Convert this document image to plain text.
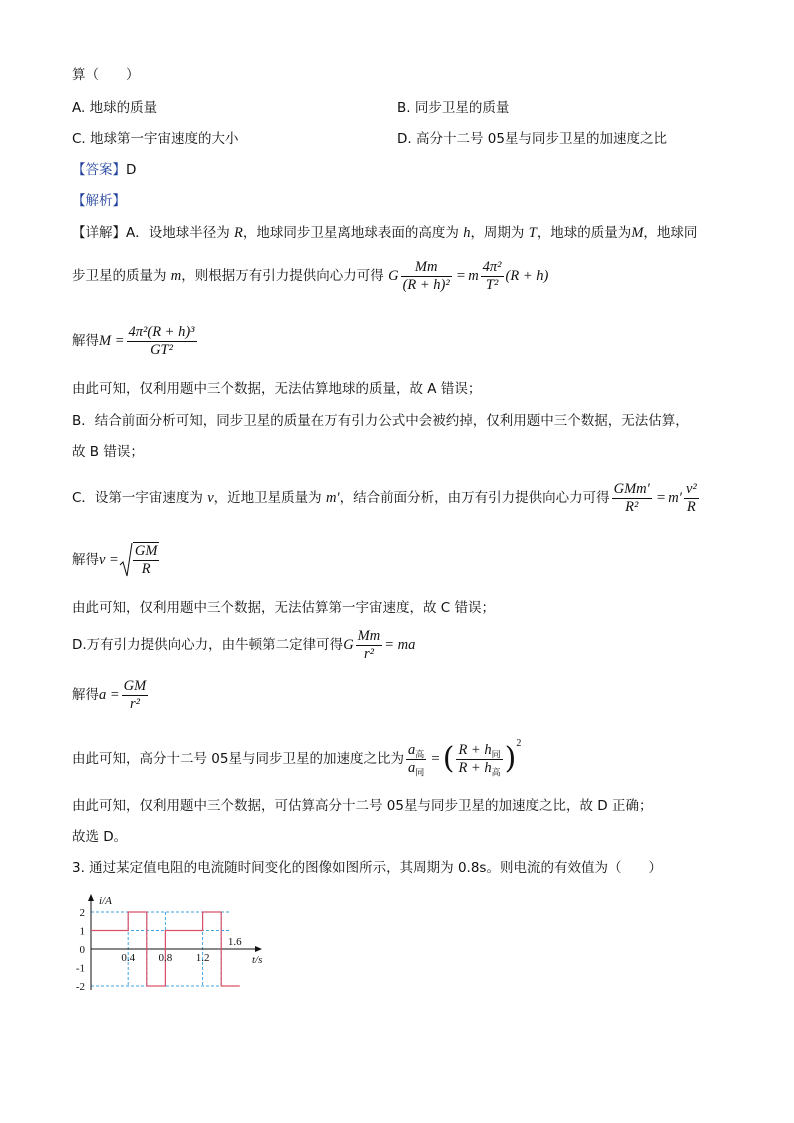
算（　　）
A. 地球的质量	B. 同步卫星的质量
C. 地球第一宇宙速度的大小	D. 高分十二号 05星与同步卫星的加速度之比
【答案】D
【解析】
【详解】A．设地球半径为 R，地球同步卫星离地球表面的高度为 h，周期为 T，地球的质量为M，地球同
步卫星的质量为 m，则根据万有引力提供向心力可得 G $\frac{Mm}{\text{(R + h)²}} = m \frac{\text{4π²}}{\text{T²}} (R + h)$
解得$M = \frac{\text{4π²(R + h)³}}{\text{GT²}}$
由此可知，仅利用题中三个数据，无法估算地球的质量，故 A 错误；
B．结合前面分析可知，同步卫星的质量在万有引力公式中会被约掉，仅利用题中三个数据，无法估算，
故 B 错误；
C．设第一宇宙速度为 v，近地卫星质量为 m′，结合前面分析，由万有引力提供向心力可得 $\frac{\text{GMm′}}{\text{R²}} = m' \frac{\text{v²}}{R}$
解得$v = \frac{GM}{R}$
由此可知，仅利用题中三个数据，无法估算第一宇宙速度，故 C 错误；
D.万有引力提供向心力，由牛顿第二定律可得G $\frac{Mm}{\text{r²}}$ = ma
解得$a = \frac{GM}{\text{r²}}$
由此可知，高分十二号 05星与同步卫星的加速度之比为 $\frac{a_高}{a_同}$ = ( $\frac{R + h_同}{R + h_高} )^2$
由此可知，仅利用题中三个数据，可估算高分十二号 05星与同步卫星的加速度之比，故 D 正确；
故选 D。
3. 通过某定值电阻的电流随时间变化的图像如图所示，其周期为 0.8s。则电流的有效值为（　　）
2
1
0
-1
-2
0.4 0.8 1.2
1.6
i/A
t/s
